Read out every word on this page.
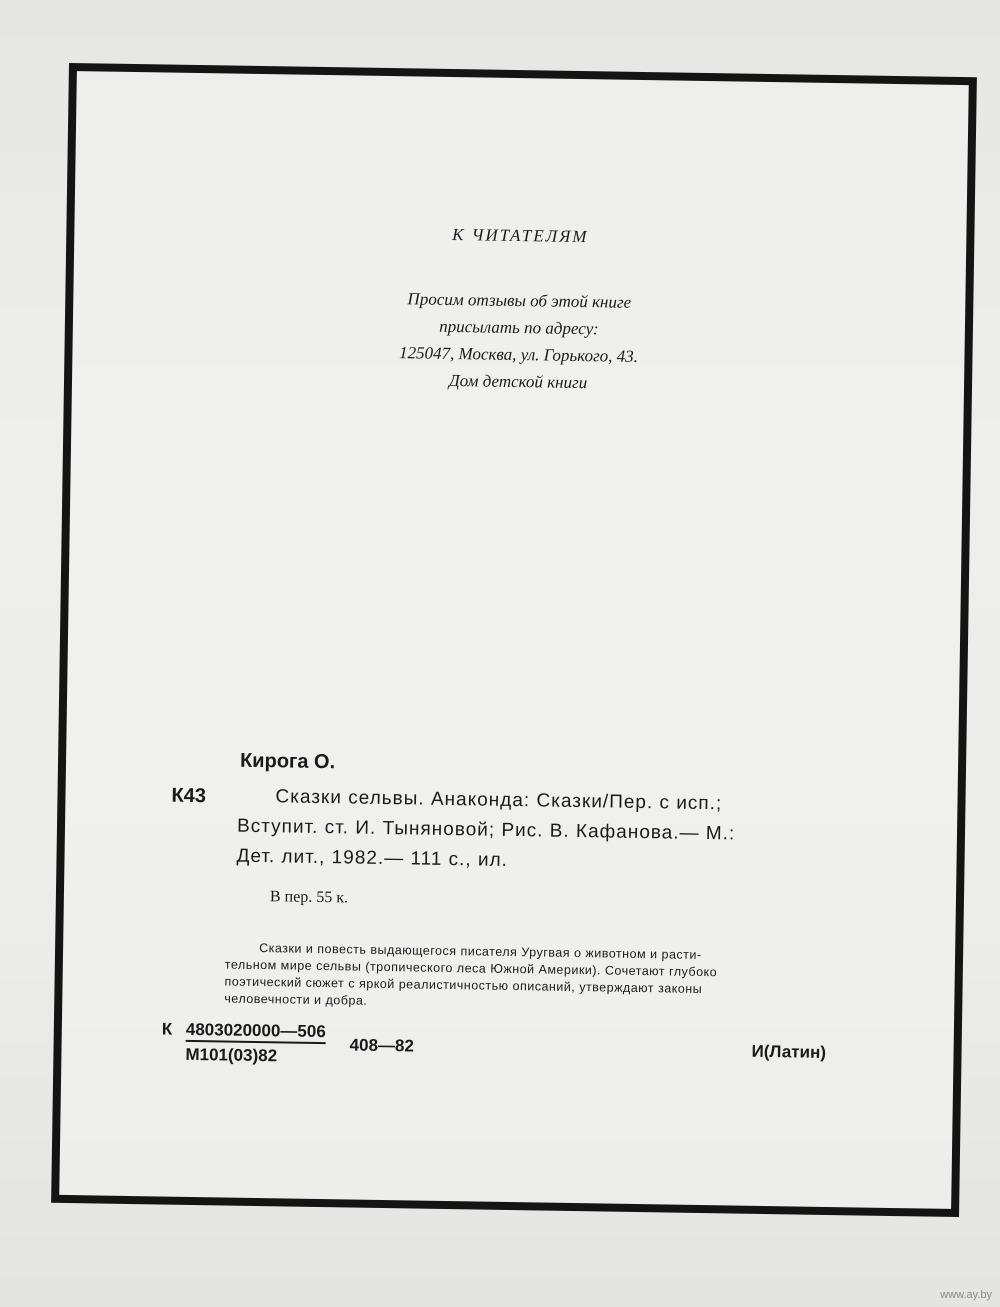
К ЧИТАТЕЛЯМ
Просим отзывы об этой книге
присылать по адресу:
125047, Москва, ул. Горького, 43.
Дом детской книги
Кирога О.
К43	Сказки сельвы. Анаконда: Сказки/Пер. с исп.;
Вступит. ст. И. Тыняновой; Рис. В. Кафанова.— М.:
Дет. лит., 1982.— 111 с., ил.
В пер. 55 к.
Сказки и повесть выдающегося писателя Уругвая о животном и расти-
тельном мире сельвы (тропического леса Южной Америки). Сочетают глубоко
поэтический сюжет с яркой реалистичностью описаний, утверждают законы
человечности и добра.
К 4803020000—506
М101(03)82	408—82	И(Латин)
www.ay.by
